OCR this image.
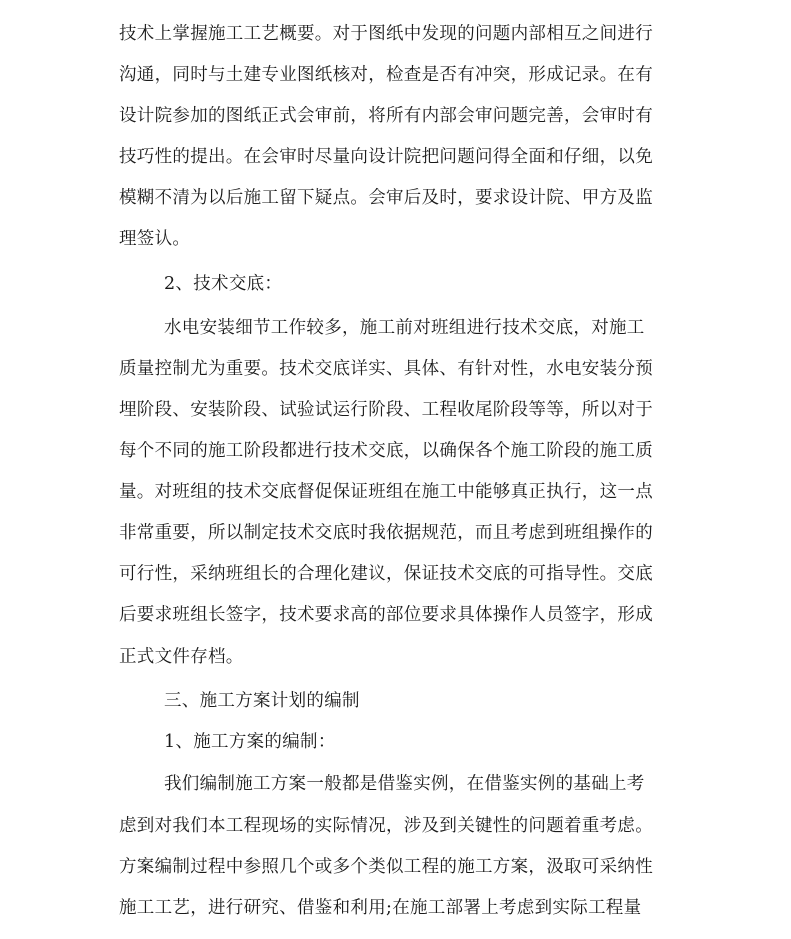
技术上掌握施工工艺概要。对于图纸中发现的问题内部相互之间进行
沟通，同时与土建专业图纸核对，检查是否有冲突，形成记录。在有
设计院参加的图纸正式会审前，将所有内部会审问题完善，会审时有
技巧性的提出。在会审时尽量向设计院把问题问得全面和仔细，以免
模糊不清为以后施工留下疑点。会审后及时，要求设计院、甲方及监
理签认。
2、技术交底：
水电安装细节工作较多，施工前对班组进行技术交底，对施工
质量控制尤为重要。技术交底详实、具体、有针对性，水电安装分预
埋阶段、安装阶段、试验试运行阶段、工程收尾阶段等等，所以对于
每个不同的施工阶段都进行技术交底，以确保各个施工阶段的施工质
量。对班组的技术交底督促保证班组在施工中能够真正执行，这一点
非常重要，所以制定技术交底时我依据规范，而且考虑到班组操作的
可行性，采纳班组长的合理化建议，保证技术交底的可指导性。交底
后要求班组长签字，技术要求高的部位要求具体操作人员签字，形成
正式文件存档。
三、施工方案计划的编制
1、施工方案的编制：
我们编制施工方案一般都是借鉴实例，在借鉴实例的基础上考
虑到对我们本工程现场的实际情况，涉及到关键性的问题着重考虑。
方案编制过程中参照几个或多个类似工程的施工方案，汲取可采纳性
施工工艺，进行研究、借鉴和利用;在施工部署上考虑到实际工程量
